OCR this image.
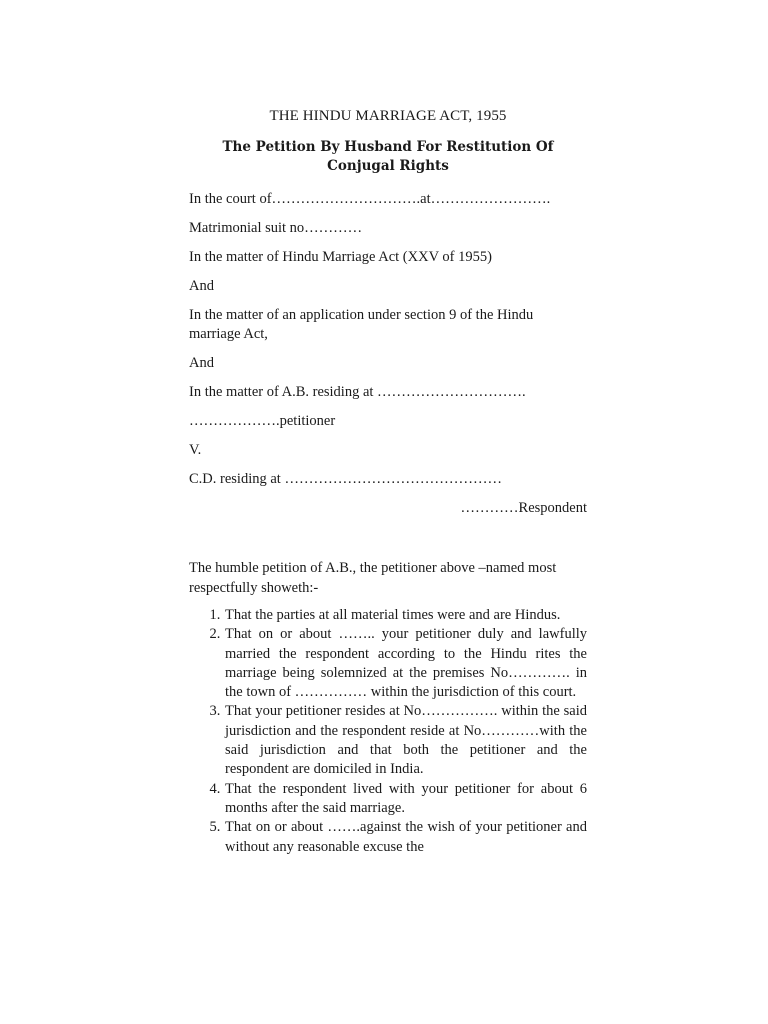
THE HINDU MARRIAGE ACT, 1955
The Petition By Husband For Restitution Of Conjugal Rights
In the court of………………………….at…………………….
Matrimonial suit no…………
In the matter of Hindu Marriage Act (XXV of 1955)
And
In the matter of an application under section 9 of the Hindu marriage Act,
And
In the matter of A.B. residing at ………………………….
……………….petitioner
V.
C.D. residing at ………………………………………
…………Respondent
The humble petition of A.B., the petitioner above –named most respectfully showeth:-
1. That the parties at all material times were and are Hindus.
2. That on or about …….. your petitioner duly and lawfully married the respondent according to the Hindu rites the marriage being solemnized at the premises No…………. in the town of …………… within the jurisdiction of this court.
3. That your petitioner resides at No……………. within the said jurisdiction and the respondent reside at No…………with the said jurisdiction and that both the petitioner and the respondent are domiciled in India.
4. That the respondent lived with your petitioner for about 6 months after the said marriage.
5. That on or about …….against the wish of your petitioner and without any reasonable excuse the
